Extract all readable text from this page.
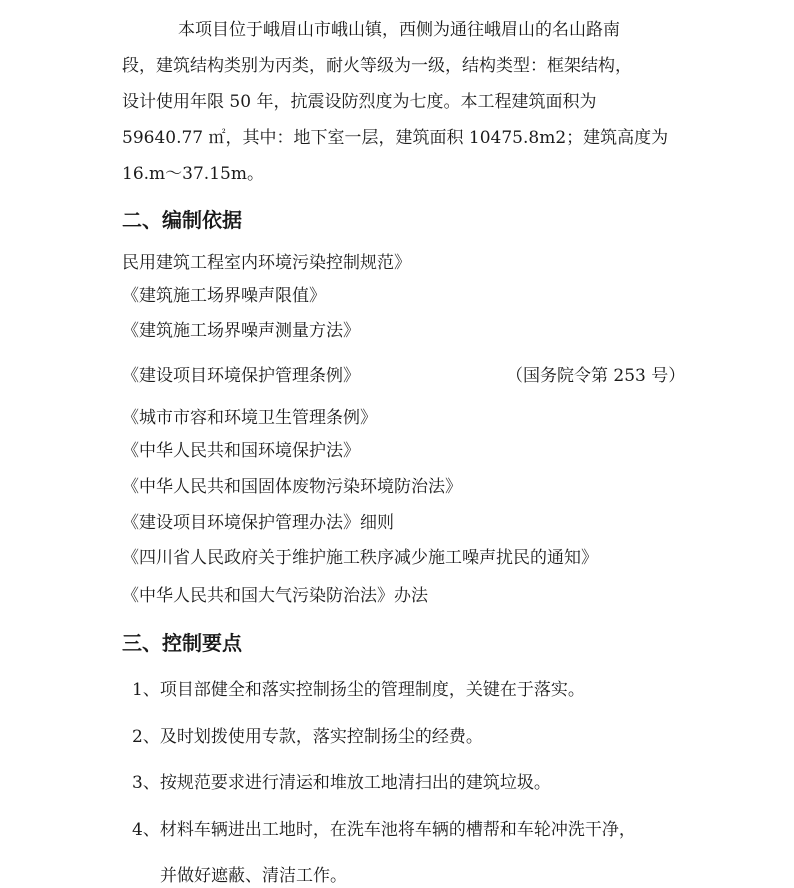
本项目位于峨眉山市峨山镇，西侧为通往峨眉山的名山路南
段，建筑结构类别为丙类，耐火等级为一级，结构类型：框架结构，
设计使用年限 50 年，抗震设防烈度为七度。本工程建筑面积为
59640.77 ㎡，其中：地下室一层，建筑面积 10475.8m2；建筑高度为
16.m～37.15m。
二、编制依据
民用建筑工程室内环境污染控制规范》
《建筑施工场界噪声限值》
《建筑施工场界噪声测量方法》
《建设项目环境保护管理条例》	（国务院令第 253 号）
《城市市容和环境卫生管理条例》
《中华人民共和国环境保护法》
《中华人民共和国固体废物污染环境防治法》
《建设项目环境保护管理办法》细则
《四川省人民政府关于维护施工秩序减少施工噪声扰民的通知》
《中华人民共和国大气污染防治法》办法
三、控制要点
1、项目部健全和落实控制扬尘的管理制度，关键在于落实。
2、及时划拨使用专款，落实控制扬尘的经费。
3、按规范要求进行清运和堆放工地清扫出的建筑垃圾。
4、材料车辆进出工地时，在洗车池将车辆的槽帮和车轮冲洗干净，
并做好遮蔽、清洁工作。
